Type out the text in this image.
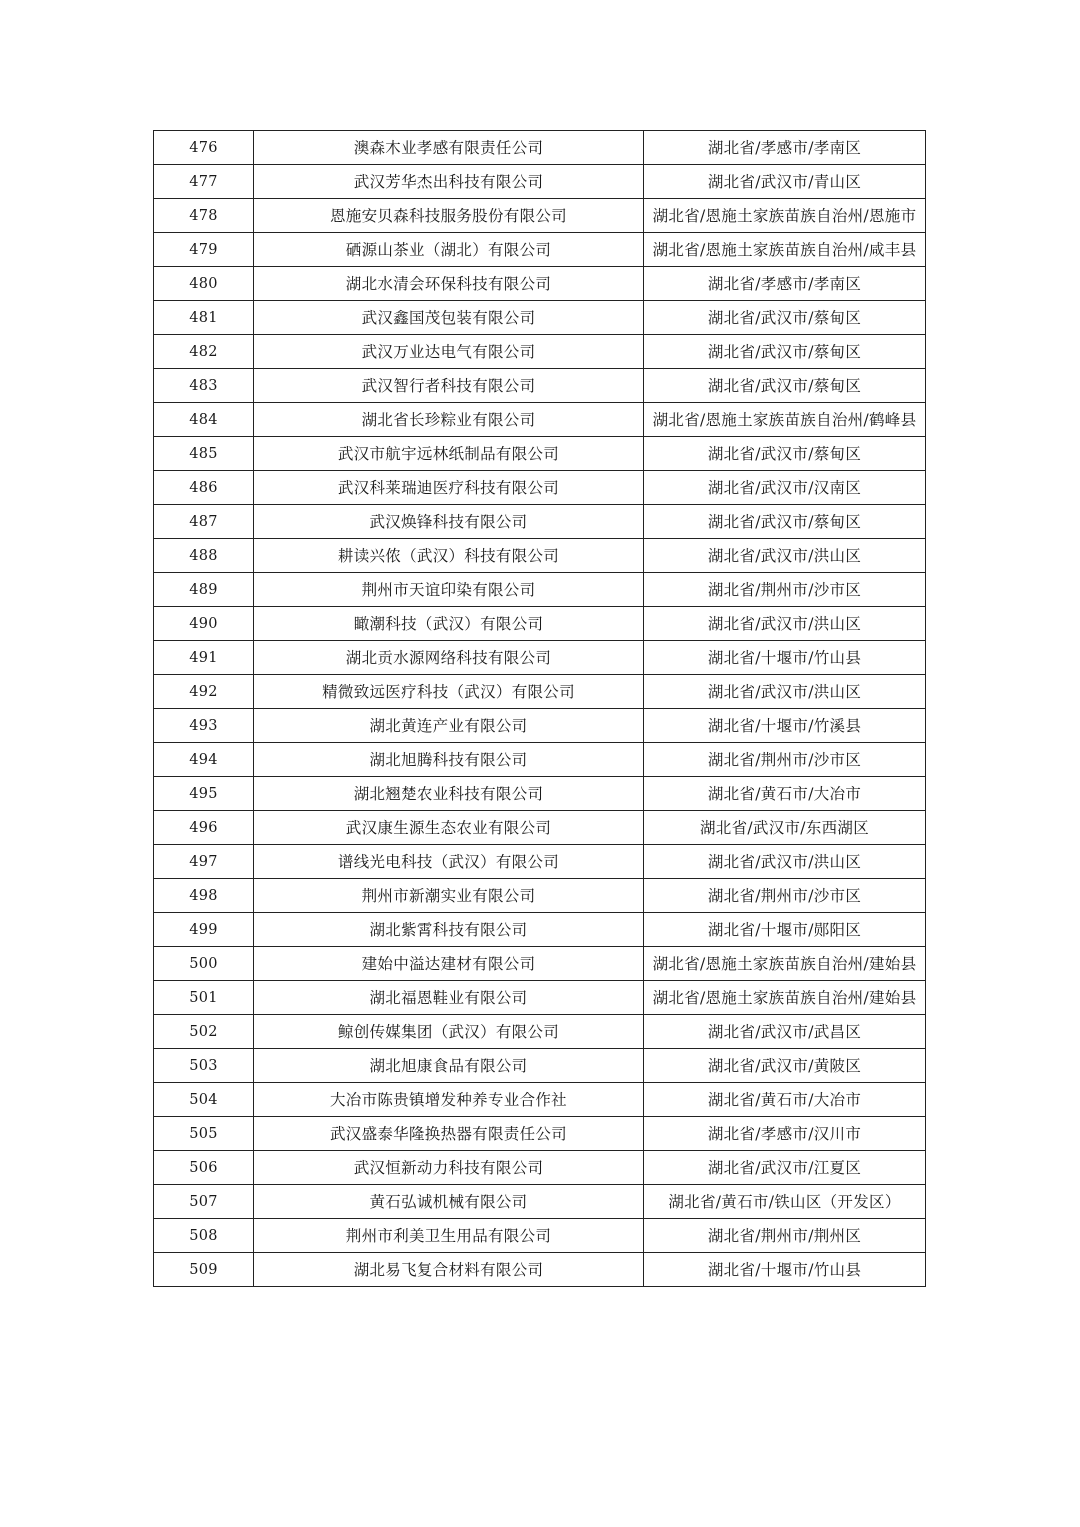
476	澳森木业孝感有限责任公司	湖北省/孝感市/孝南区
477	武汉芳华杰出科技有限公司	湖北省/武汉市/青山区
478	恩施安贝森科技服务股份有限公司	湖北省/恩施土家族苗族自治州/恩施市
479	硒源山茶业（湖北）有限公司	湖北省/恩施土家族苗族自治州/咸丰县
480	湖北水清会环保科技有限公司	湖北省/孝感市/孝南区
481	武汉鑫国茂包装有限公司	湖北省/武汉市/蔡甸区
482	武汉万业达电气有限公司	湖北省/武汉市/蔡甸区
483	武汉智行者科技有限公司	湖北省/武汉市/蔡甸区
484	湖北省长珍粽业有限公司	湖北省/恩施土家族苗族自治州/鹤峰县
485	武汉市航宇远林纸制品有限公司	湖北省/武汉市/蔡甸区
486	武汉科莱瑞迪医疗科技有限公司	湖北省/武汉市/汉南区
487	武汉焕锋科技有限公司	湖北省/武汉市/蔡甸区
488	耕读兴侬（武汉）科技有限公司	湖北省/武汉市/洪山区
489	荆州市天谊印染有限公司	湖北省/荆州市/沙市区
490	瞰潮科技（武汉）有限公司	湖北省/武汉市/洪山区
491	湖北贡水源网络科技有限公司	湖北省/十堰市/竹山县
492	精微致远医疗科技（武汉）有限公司	湖北省/武汉市/洪山区
493	湖北黄连产业有限公司	湖北省/十堰市/竹溪县
494	湖北旭腾科技有限公司	湖北省/荆州市/沙市区
495	湖北翘楚农业科技有限公司	湖北省/黄石市/大冶市
496	武汉康生源生态农业有限公司	湖北省/武汉市/东西湖区
497	谱线光电科技（武汉）有限公司	湖北省/武汉市/洪山区
498	荆州市新潮实业有限公司	湖北省/荆州市/沙市区
499	湖北紫霄科技有限公司	湖北省/十堰市/郧阳区
500	建始中溢达建材有限公司	湖北省/恩施土家族苗族自治州/建始县
501	湖北福恩鞋业有限公司	湖北省/恩施土家族苗族自治州/建始县
502	鲸创传媒集团（武汉）有限公司	湖北省/武汉市/武昌区
503	湖北旭康食品有限公司	湖北省/武汉市/黄陂区
504	大冶市陈贵镇增发种养专业合作社	湖北省/黄石市/大冶市
505	武汉盛泰华隆换热器有限责任公司	湖北省/孝感市/汉川市
506	武汉恒新动力科技有限公司	湖北省/武汉市/江夏区
507	黄石弘诚机械有限公司	湖北省/黄石市/铁山区（开发区）
508	荆州市利美卫生用品有限公司	湖北省/荆州市/荆州区
509	湖北易飞复合材料有限公司	湖北省/十堰市/竹山县
